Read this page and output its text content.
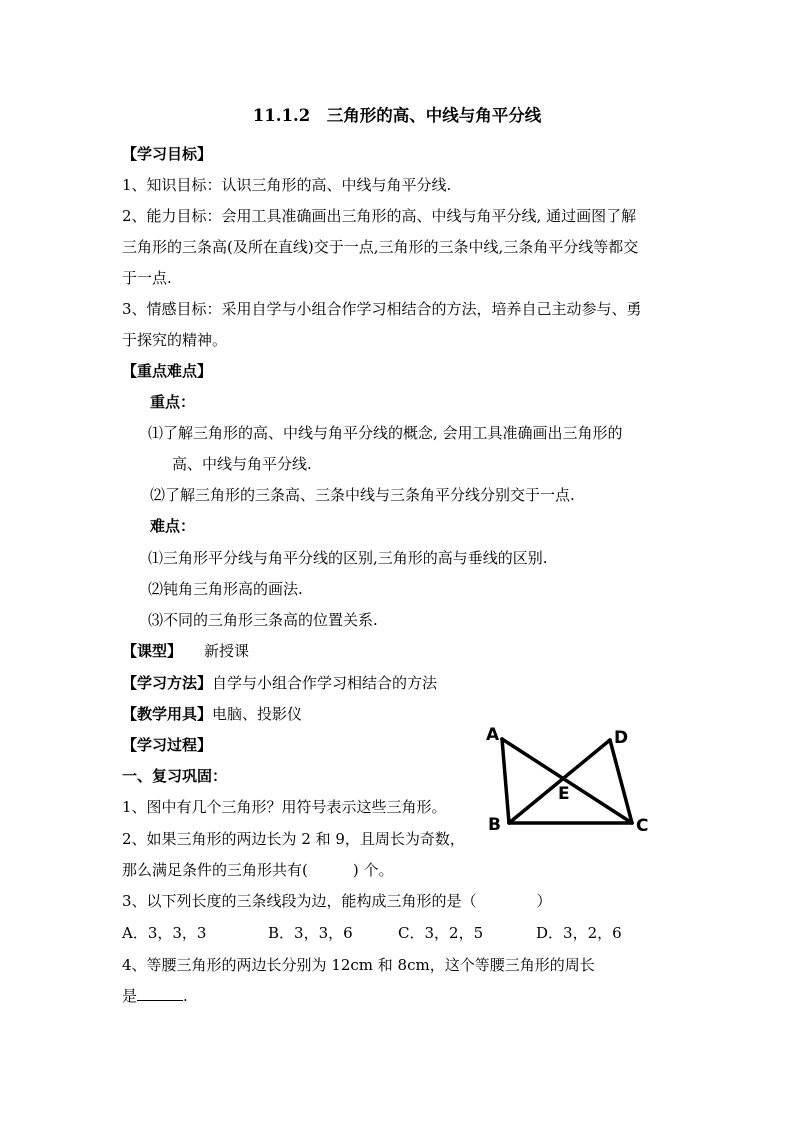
11.1.2　三角形的高、中线与角平分线
【学习目标】
1、知识目标：认识三角形的高、中线与角平分线.
2、能力目标：会用工具准确画出三角形的高、中线与角平分线, 通过画图了解
三角形的三条高(及所在直线)交于一点,三角形的三条中线,三条角平分线等都交
于一点.
3、情感目标：采用自学与小组合作学习相结合的方法，培养自己主动参与、勇
于探究的精神。
【重点难点】
重点：
⑴了解三角形的高、中线与角平分线的概念, 会用工具准确画出三角形的
高、中线与角平分线.
⑵了解三角形的三条高、三条中线与三条角平分线分别交于一点.
难点：
⑴三角形平分线与角平分线的区别,三角形的高与垂线的区别.
⑵钝角三角形高的画法.
⑶不同的三角形三条高的位置关系.
【课型】 新授课
【学习方法】自学与小组合作学习相结合的方法
【教学用具】电脑、投影仪
【学习过程】
一、复习巩固：
1、图中有几个三角形？用符号表示这些三角形。
2、如果三角形的两边长为 2 和 9，且周长为奇数，
那么满足条件的三角形共有(　　　) 个。
3、以下列长度的三条线段为边，能构成三角形的是（　　　　）
A．3，3，3	B．3，3，6	C．3，2，5	D．3，2，6
4、等腰三角形的两边长分别为 12cm 和 8cm，这个等腰三角形的周长
是	.
A	D
E
B	C
